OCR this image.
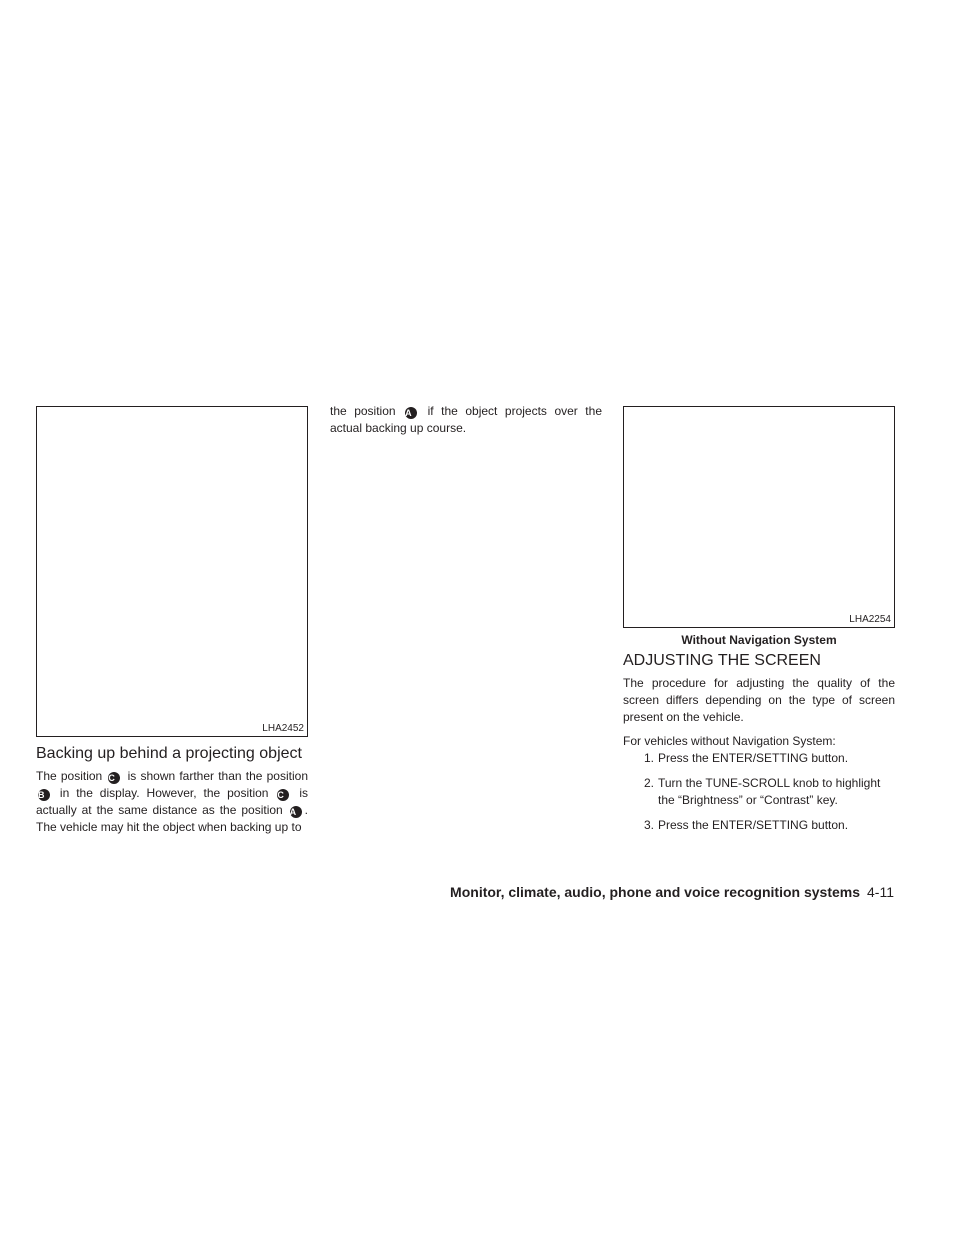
LHA2452
Backing up behind a projecting object

The position C is shown farther than the position B in the display. However, the position C is actually at the same distance as the position A . The vehicle may hit the object when backing up to

the position A if the object projects over the actual backing up course.

LHA2254
Without Navigation System
ADJUSTING THE SCREEN

The procedure for adjusting the quality of the screen differs depending on the type of screen present on the vehicle.

For vehicles without Navigation System:

1. Press the ENTER/SETTING button.
2. Turn the TUNE-SCROLL knob to highlight the “Brightness” or “Contrast” key.
3. Press the ENTER/SETTING button.
Monitor, climate, audio, phone and voice recognition systems 4-11
